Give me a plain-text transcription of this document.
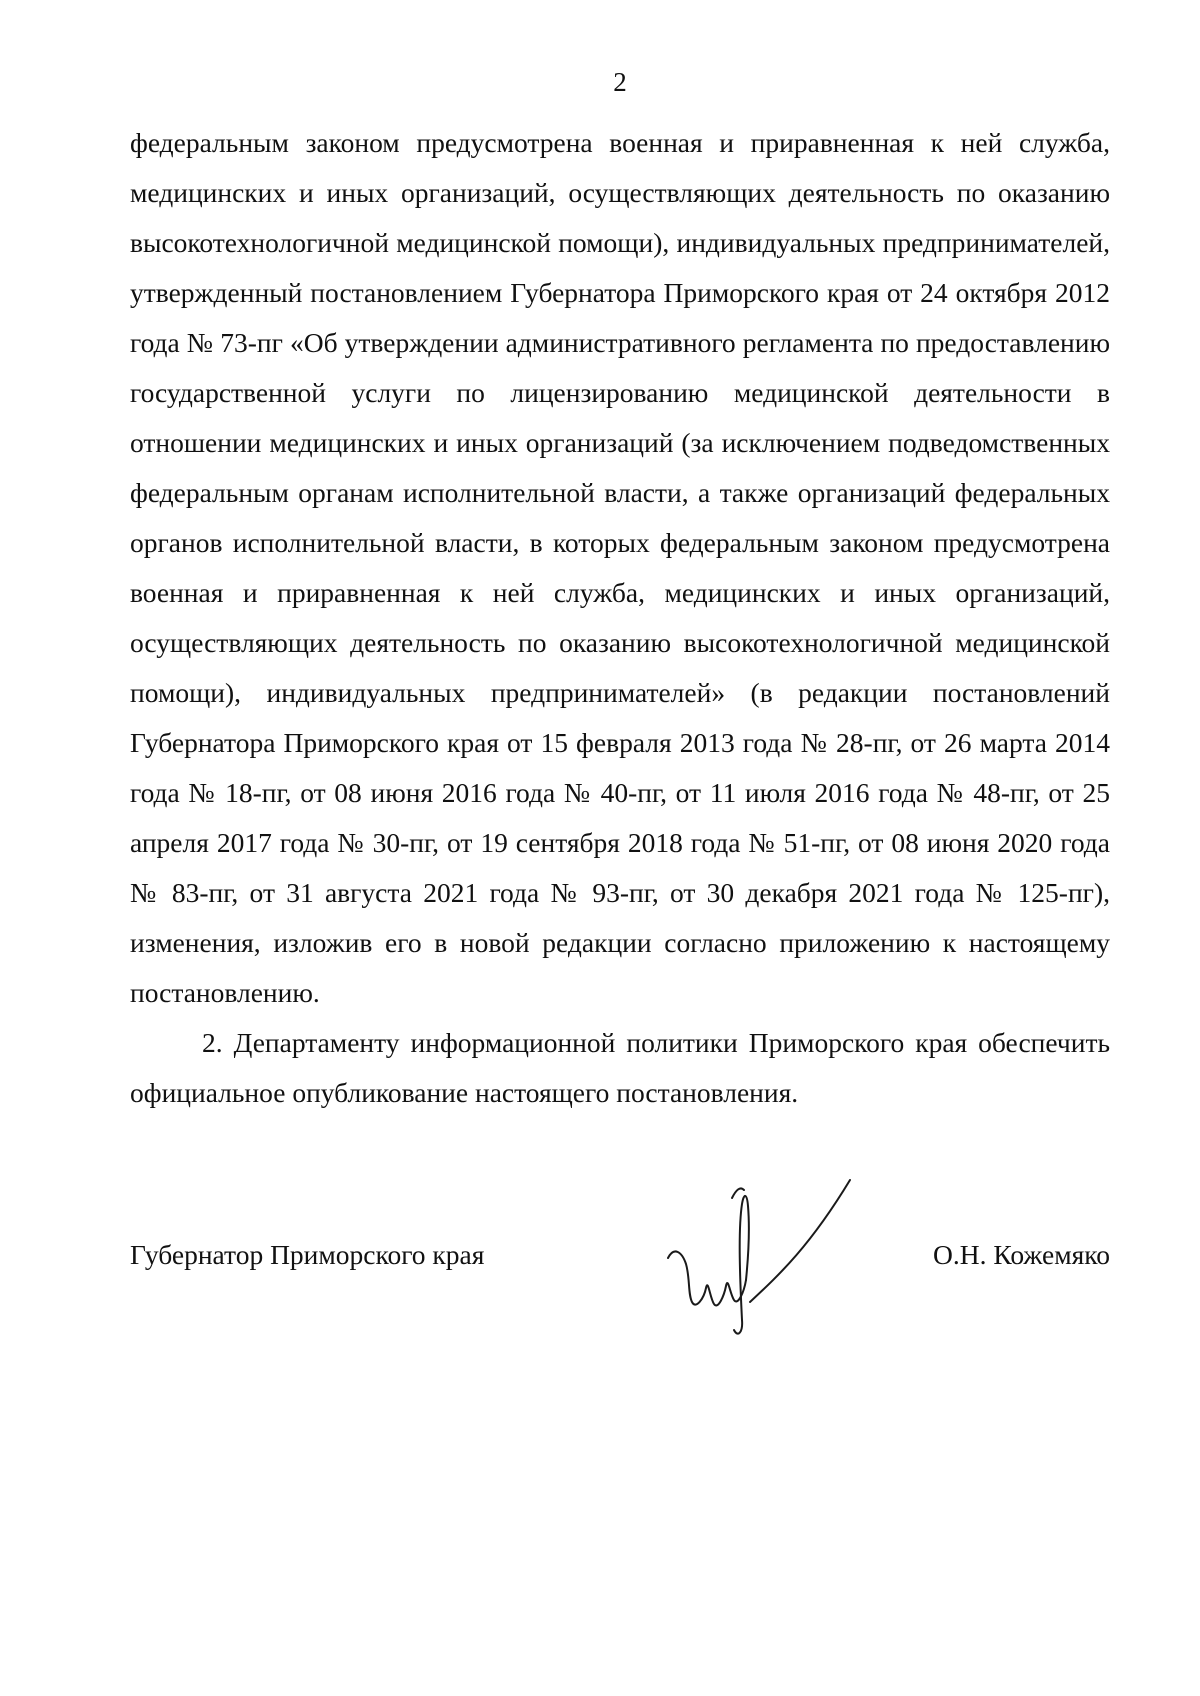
2

федеральным законом предусмотрена военная и приравненная к ней служба, медицинских и иных организаций, осуществляющих деятельность по оказанию высокотехнологичной медицинской помощи), индивидуальных предпринимателей, утвержденный постановлением Губернатора Приморского края от 24 октября 2012 года № 73-пг «Об утверждении административного регламента по предоставлению государственной услуги по лицензированию медицинской деятельности в отношении медицинских и иных организаций (за исключением подведомственных федеральным органам исполнительной власти, а также организаций федеральных органов исполнительной власти, в которых федеральным законом предусмотрена военная и приравненная к ней служба, медицинских и иных организаций, осуществляющих деятельность по оказанию высокотехнологичной медицинской помощи), индивидуальных предпринимателей» (в редакции постановлений Губернатора Приморского края от 15 февраля 2013 года № 28-пг, от 26 марта 2014 года № 18-пг, от 08 июня 2016 года № 40-пг, от 11 июля 2016 года № 48-пг, от 25 апреля 2017 года № 30-пг, от 19 сентября 2018 года № 51-пг, от 08 июня 2020 года № 83-пг, от 31 августа 2021 года № 93-пг, от 30 декабря 2021 года № 125-пг), изменения, изложив его в новой редакции согласно приложению к настоящему постановлению.

2. Департаменту информационной политики Приморского края обеспечить официальное опубликование настоящего постановления.

Губернатор Приморского края	О.Н. Кожемяко
